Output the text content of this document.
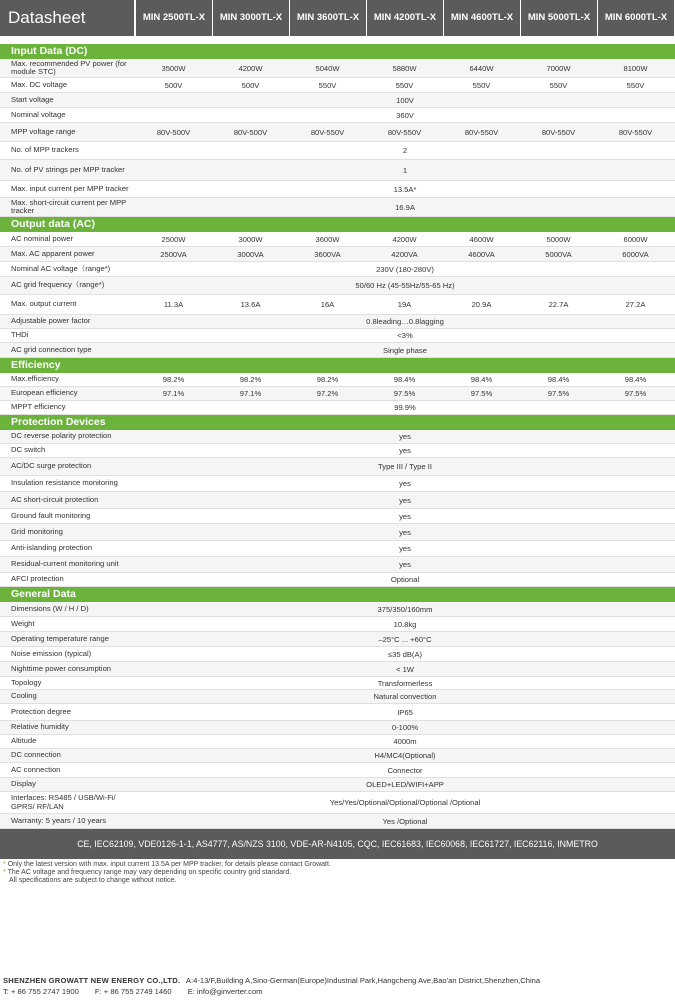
Datasheet	MIN 2500TL-X	MIN 3000TL-X	MIN 3600TL-X	MIN 4200TL-X	MIN 4600TL-X	MIN 5000TL-X	MIN 6000TL-X
Input Data (DC)
Max. recommended PV power (for module STC)	3500W	4200W	5040W	5880W	6440W	7000W	8100W
Max. DC voltage	500V	500V	550V	550V	550V	550V	550V
Start voltage	100V
Nominal voltage	360V
MPP voltage range	80V-500V	80V-500V	80V-550V	80V-550V	80V-550V	80V-550V	80V-550V
No. of MPP trackers	2
No. of PV strings per MPP tracker	1
Max. input current per MPP tracker	13.5A*
Max. short-circuit current per MPP tracker	16.9A
Output data (AC)
AC nominal power	2500W	3000W	3600W	4200W	4600W	5000W	6000W
Max. AC apparent power	2500VA	3000VA	3600VA	4200VA	4600VA	5000VA	6000VA
Nominal AC voltage（range*)	230V (180-280V)
AC grid frequency（range*)	50/60 Hz (45-55Hz/55-65 Hz)
Max. output current	11.3A	13.6A	16A	19A	20.9A	22.7A	27.2A
Adjustable power factor	0.8leading…0.8lagging
THDi	<3%
AC grid connection type	Single phase
Efficiency
Max.efficiency	98.2%	98.2%	98.2%	98.4%	98.4%	98.4%	98.4%
European efficiency	97.1%	97.1%	97.2%	97.5%	97.5%	97.5%	97.5%
MPPT efficiency	99.9%
Protection Devices
DC reverse polarity protection	yes
DC switch	yes
AC/DC surge protection	Type III / Type II
Insulation resistance monitoring	yes
AC short-circuit protection	yes
Ground fault monitoring	yes
Grid monitoring	yes
Anti-islanding protection	yes
Residual-current monitoring unit	yes
AFCI protection	Optional
General Data
Dimensions (W / H / D)	375/350/160mm
Weight	10.8kg
Operating temperature range	–25°C ... +60°C
Noise emission (typical)	≤35 dB(A)
Nighttime power consumption	< 1W
Topology	Transformerless
Cooling	Natural convection
Protection degree	IP65
Relative humidity	0-100%
Altitude	4000m
DC connection	H4/MC4(Optional)
AC connection	Connector
Display	OLED+LED/WIFI+APP
Interfaces: RS485 / USB/Wi-Fi/ GPRS/ RF/LAN	Yes/Yes/Optional/Optional/Optional /Optional
Warranty: 5 years / 10 years	Yes /Optional
CE, IEC62109, VDE0126-1-1, AS4777, AS/NZS 3100, VDE-AR-N4105, CQC, IEC61683, IEC60068, IEC61727, IEC62116, INMETRO
* Only the latest version with max. input current 13.5A per MPP tracker, for details please contact Growatt.
* The AC voltage and frequency range may vary depending on specific country grid standard.
All specifications are subject to change without notice.
SHENZHEN GROWATT NEW ENERGY CO.,LTD. A:4-13/F,Building A,Sino-German(Europe)Industrial Park,Hangcheng Ave,Bao'an District,Shenzhen,China
T: + 86 755 2747 1900 F: + 86 755 2749 1460 E: info@ginverter.com
